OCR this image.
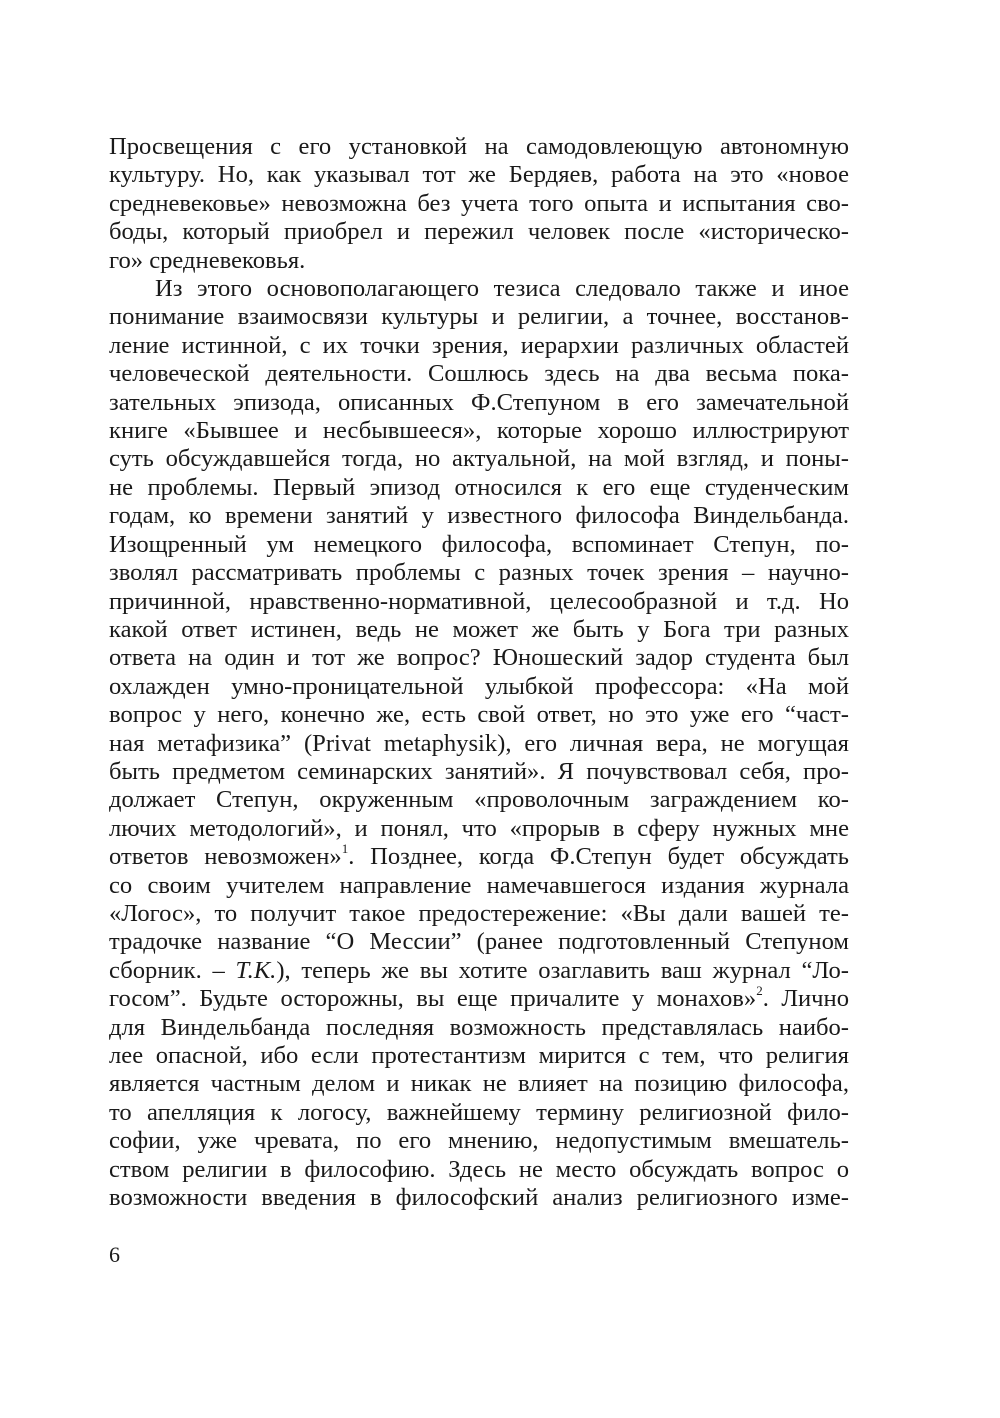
Просвещения с его установкой на самодовлеющую автономную
культуру. Но, как указывал тот же Бердяев, работа на это «новое
средневековье» невозможна без учета того опыта и испытания сво-
боды, который приобрел и пережил человек после «историческо-
го» средневековья.
Из этого основополагающего тезиса следовало также и иное
понимание взаимосвязи культуры и религии, а точнее, восстанов-
ление истинной, с их точки зрения, иерархии различных областей
человеческой деятельности. Сошлюсь здесь на два весьма пока-
зательных эпизода, описанных Ф.Степуном в его замечательной
книге «Бывшее и несбывшееся», которые хорошо иллюстрируют
суть обсуждавшейся тогда, но актуальной, на мой взгляд, и поны-
не проблемы. Первый эпизод относился к его еще студенческим
годам, ко времени занятий у известного философа Виндельбанда.
Изощренный ум немецкого философа, вспоминает Степун, по-
зволял рассматривать проблемы с разных точек зрения – научно-
причинной, нравственно-нормативной, целесообразной и т.д. Но
какой ответ истинен, ведь не может же быть у Бога три разных
ответа на один и тот же вопрос? Юношеский задор студента был
охлажден умно-проницательной улыбкой профессора: «На мой
вопрос у него, конечно же, есть свой ответ, но это уже его “част-
ная метафизика” (Privat metaphysik), его личная вера, не могущая
быть предметом семинарских занятий». Я почувствовал себя, про-
должает Степун, окруженным «проволочным заграждением ко-
лючих методологий», и понял, что «прорыв в сферу нужных мне
ответов невозможен»$^1$. Позднее, когда Ф.Степун будет обсуждать
со своим учителем направление намечавшегося издания журнала
«Логос», то получит такое предостережение: «Вы дали вашей те-
традочке название “О Мессии” (ранее подготовленный Степуном
сборник. – Т.К.), теперь же вы хотите озаглавить ваш журнал “Ло-
госом”. Будьте осторожны, вы еще причалите у монахов»$^2$. Лично
для Виндельбанда последняя возможность представлялась наибо-
лее опасной, ибо если протестантизм мирится с тем, что религия
является частным делом и никак не влияет на позицию философа,
то апелляция к логосу, важнейшему термину религиозной фило-
софии, уже чревата, по его мнению, недопустимым вмешатель-
ством религии в философию. Здесь не место обсуждать вопрос о
возможности введения в философский анализ религиозного изме-
6
